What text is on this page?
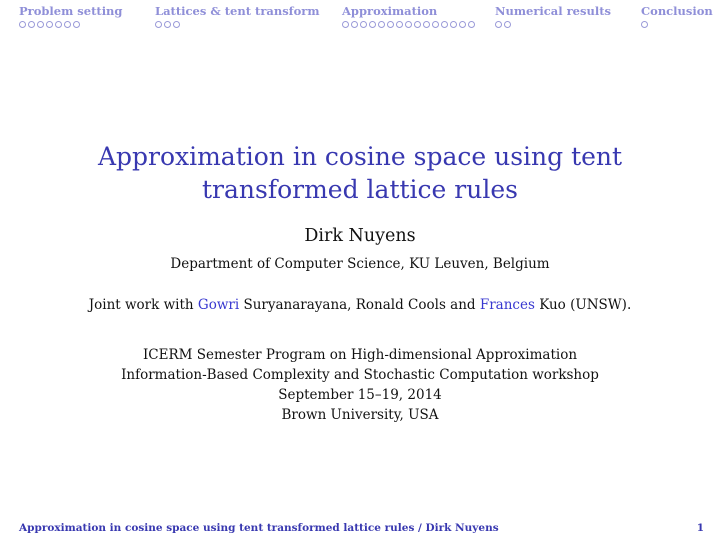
Problem setting	Lattices & tent transform Approximation	Numerical results	Conclusion
Approximation in cosine space using tent transformed lattice rules
Dirk Nuyens
Department of Computer Science, KU Leuven, Belgium
Joint work with Gowri Suryanarayana, Ronald Cools and Frances Kuo (UNSW).
ICERM Semester Program on High-dimensional Approximation
Information-Based Complexity and Stochastic Computation workshop
September 15–19, 2014
Brown University, USA
Approximation in cosine space using tent transformed lattice rules / Dirk Nuyens	1
